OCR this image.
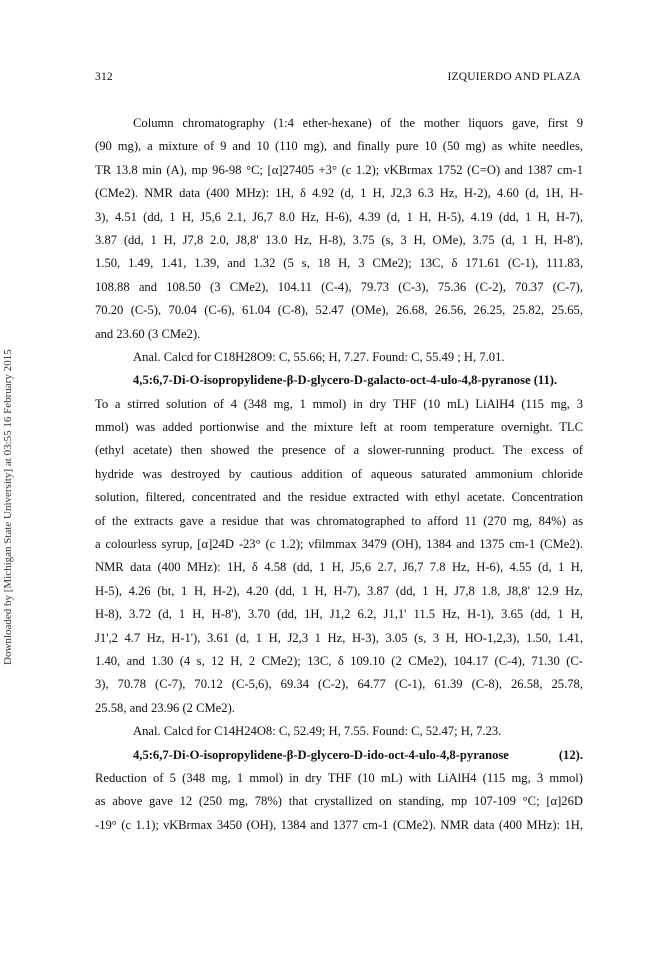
312	IZQUIERDO AND PLAZA
Downloaded by [Michigan State University] at 03:55 16 February 2015
Column chromatography (1:4 ether-hexane) of the mother liquors gave, first 9
(90 mg), a mixture of 9 and 10 (110 mg), and finally pure 10 (50 mg) as white needles,
TR 13.8 min (A), mp 96-98 °C; [α]27405 +3° (c 1.2); νKBrmax 1752 (C=O) and 1387 cm-1
(CMe2). NMR data (400 MHz): 1H, δ 4.92 (d, 1 H, J2,3 6.3 Hz, H-2), 4.60 (d, 1H, H-
3), 4.51 (dd, 1 H, J5,6 2.1, J6,7 8.0 Hz, H-6), 4.39 (d, 1 H, H-5), 4.19 (dd, 1 H, H-7),
3.87 (dd, 1 H, J7,8 2.0, J8,8' 13.0 Hz, H-8), 3.75 (s, 3 H, OMe), 3.75 (d, 1 H, H-8'),
1.50, 1.49, 1.41, 1.39, and 1.32 (5 s, 18 H, 3 CMe2); 13C, δ 171.61 (C-1), 111.83,
108.88 and 108.50 (3 CMe2), 104.11 (C-4), 79.73 (C-3), 75.36 (C-2), 70.37 (C-7),
70.20 (C-5), 70.04 (C-6), 61.04 (C-8), 52.47 (OMe), 26.68, 26.56, 26.25, 25.82, 25.65,
and 23.60 (3 CMe2).
Anal. Calcd for C18H28O9: C, 55.66; H, 7.27. Found: C, 55.49 ; H, 7.01.
4,5:6,7-Di-O-isopropylidene-β-D-glycero-D-galacto-oct-4-ulo-4,8-pyranose (11).
To a stirred solution of 4 (348 mg, 1 mmol) in dry THF (10 mL) LiAlH4 (115 mg, 3
mmol) was added portionwise and the mixture left at room temperature overnight. TLC
(ethyl acetate) then showed the presence of a slower-running product. The excess of
hydride was destroyed by cautious addition of aqueous saturated ammonium chloride
solution, filtered, concentrated and the residue extracted with ethyl acetate. Concentration
of the extracts gave a residue that was chromatographed to afford 11 (270 mg, 84%) as
a colourless syrup, [α]24D -23° (c 1.2); νfilmmax 3479 (OH), 1384 and 1375 cm-1 (CMe2).
NMR data (400 MHz): 1H, δ 4.58 (dd, 1 H, J5,6 2.7, J6,7 7.8 Hz, H-6), 4.55 (d, 1 H,
H-5), 4.26 (bt, 1 H, H-2), 4.20 (dd, 1 H, H-7), 3.87 (dd, 1 H, J7,8 1.8, J8,8' 12.9 Hz,
H-8), 3.72 (d, 1 H, H-8'), 3.70 (dd, 1H, J1,2 6.2, J1,1' 11.5 Hz, H-1), 3.65 (dd, 1 H,
J1',2 4.7 Hz, H-1'), 3.61 (d, 1 H, J2,3 1 Hz, H-3), 3.05 (s, 3 H, HO-1,2,3), 1.50, 1.41,
1.40, and 1.30 (4 s, 12 H, 2 CMe2); 13C, δ 109.10 (2 CMe2), 104.17 (C-4), 71.30 (C-
3), 70.78 (C-7), 70.12 (C-5,6), 69.34 (C-2), 64.77 (C-1), 61.39 (C-8), 26.58, 25.78,
25.58, and 23.96 (2 CMe2).
Anal. Calcd for C14H24O8: C, 52.49; H, 7.55. Found: C, 52.47; H, 7.23.
4,5:6,7-Di-O-isopropylidene-β-D-glycero-D-ido-oct-4-ulo-4,8-pyranose (12).
Reduction of 5 (348 mg, 1 mmol) in dry THF (10 mL) with LiAlH4 (115 mg, 3 mmol)
as above gave 12 (250 mg, 78%) that crystallized on standing, mp 107-109 °C; [α]26D
-19° (c 1.1); νKBrmax 3450 (OH), 1384 and 1377 cm-1 (CMe2). NMR data (400 MHz): 1H,
